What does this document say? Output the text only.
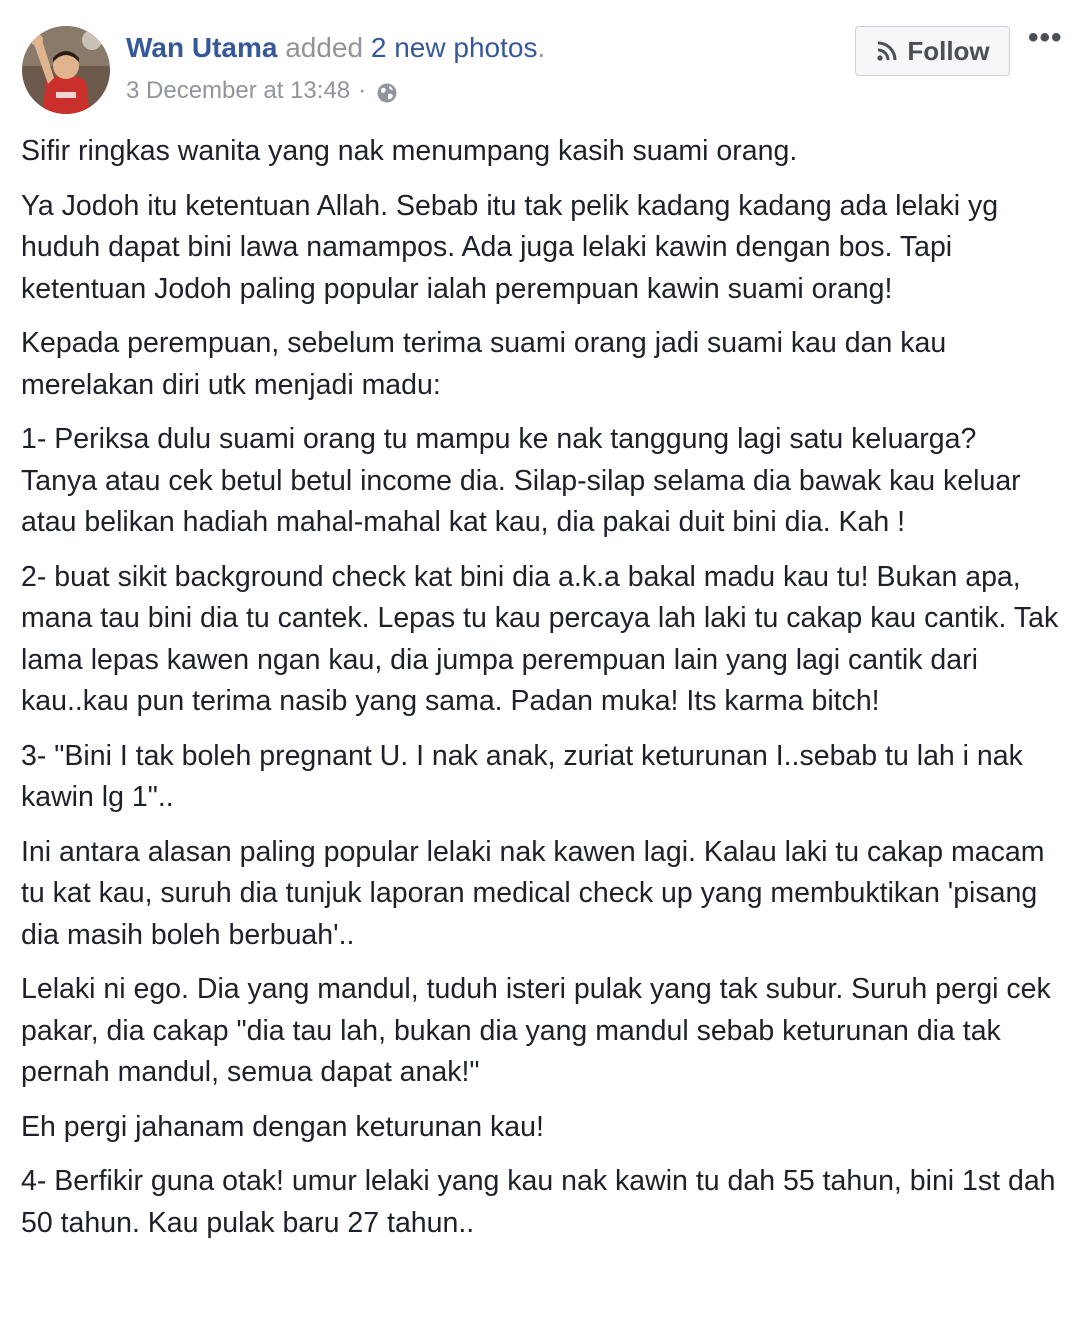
Wan Utama added 2 new photos.
3 December at 13:48 ·
Follow •••

Sifir ringkas wanita yang nak menumpang kasih suami orang.

Ya Jodoh itu ketentuan Allah. Sebab itu tak pelik kadang kadang ada lelaki yg huduh dapat bini lawa namampos. Ada juga lelaki kawin dengan bos. Tapi ketentuan Jodoh paling popular ialah perempuan kawin suami orang!

Kepada perempuan, sebelum terima suami orang jadi suami kau dan kau merelakan diri utk menjadi madu:

1- Periksa dulu suami orang tu mampu ke nak tanggung lagi satu keluarga? Tanya atau cek betul betul income dia. Silap-silap selama dia bawak kau keluar atau belikan hadiah mahal-mahal kat kau, dia pakai duit bini dia. Kah !

2- buat sikit background check kat bini dia a.k.a bakal madu kau tu! Bukan apa, mana tau bini dia tu cantek. Lepas tu kau percaya lah laki tu cakap kau cantik. Tak lama lepas kawen ngan kau, dia jumpa perempuan lain yang lagi cantik dari kau..kau pun terima nasib yang sama. Padan muka! Its karma bitch!

3- "Bini I tak boleh pregnant U. I nak anak, zuriat keturunan I..sebab tu lah i nak kawin lg 1"..

Ini antara alasan paling popular lelaki nak kawen lagi. Kalau laki tu cakap macam tu kat kau, suruh dia tunjuk laporan medical check up yang membuktikan 'pisang dia masih boleh berbuah'..

Lelaki ni ego. Dia yang mandul, tuduh isteri pulak yang tak subur. Suruh pergi cek pakar, dia cakap "dia tau lah, bukan dia yang mandul sebab keturunan dia tak pernah mandul, semua dapat anak!"

Eh pergi jahanam dengan keturunan kau!

4- Berfikir guna otak! umur lelaki yang kau nak kawin tu dah 55 tahun, bini 1st dah 50 tahun. Kau pulak baru 27 tahun..
